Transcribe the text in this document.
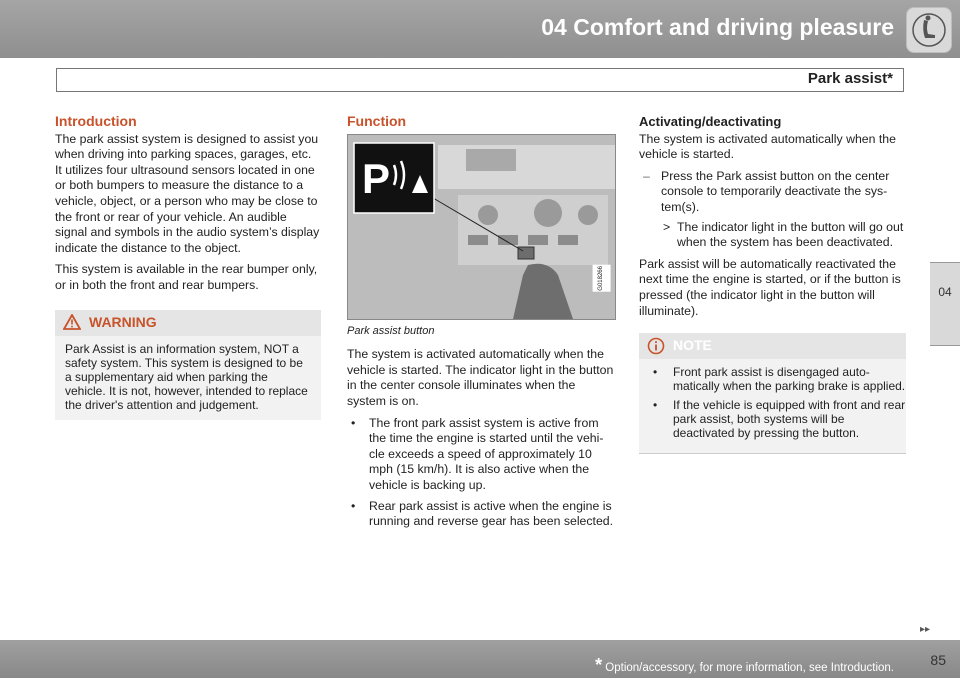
04 Comfort and driving pleasure
Park assist*
04
Introduction

The park assist system is designed to assist you when driving into parking spaces, garages, etc. It utilizes four ultrasound sensors located in one or both bumpers to measure the distance to a vehicle, object, or a person who may be close to the front or rear of your vehicle. An audible signal and symbols in the audio system’s display indicate the distance to the object.

This system is available in the rear bumper only, or in both the front and rear bumpers.

WARNING
Park Assist is an information system, NOT a safety system. This system is designed to be a supplementary aid when parking the vehicle. It is not, however, intended to replace the driver's attention and judgement.
Function
P
G018266
Park assist button

The system is activated automatically when the vehicle is started. The indicator light in the button in the center console illuminates when the system is on.

• The front park assist system is active from the time the engine is started until the vehicle exceeds a speed of approximately 10 mph (15 km/h). It is also active when the vehicle is backing up.
• Rear park assist is active when the engine is running and reverse gear has been selected.
Activating/deactivating

The system is activated automatically when the vehicle is started.

– Press the Park assist button on the center console to temporarily deactivate the system(s).
> The indicator light in the button will go out when the system has been deactivated.

Park assist will be automatically reactivated the next time the engine is started, or if the button is pressed (the indicator light in the button will illuminate).

NOTE
• Front park assist is disengaged automatically when the parking brake is applied.
• If the vehicle is equipped with front and rear park assist, both systems will be deactivated by pressing the button.
▸▸
* Option/accessory, for more information, see Introduction.	85
